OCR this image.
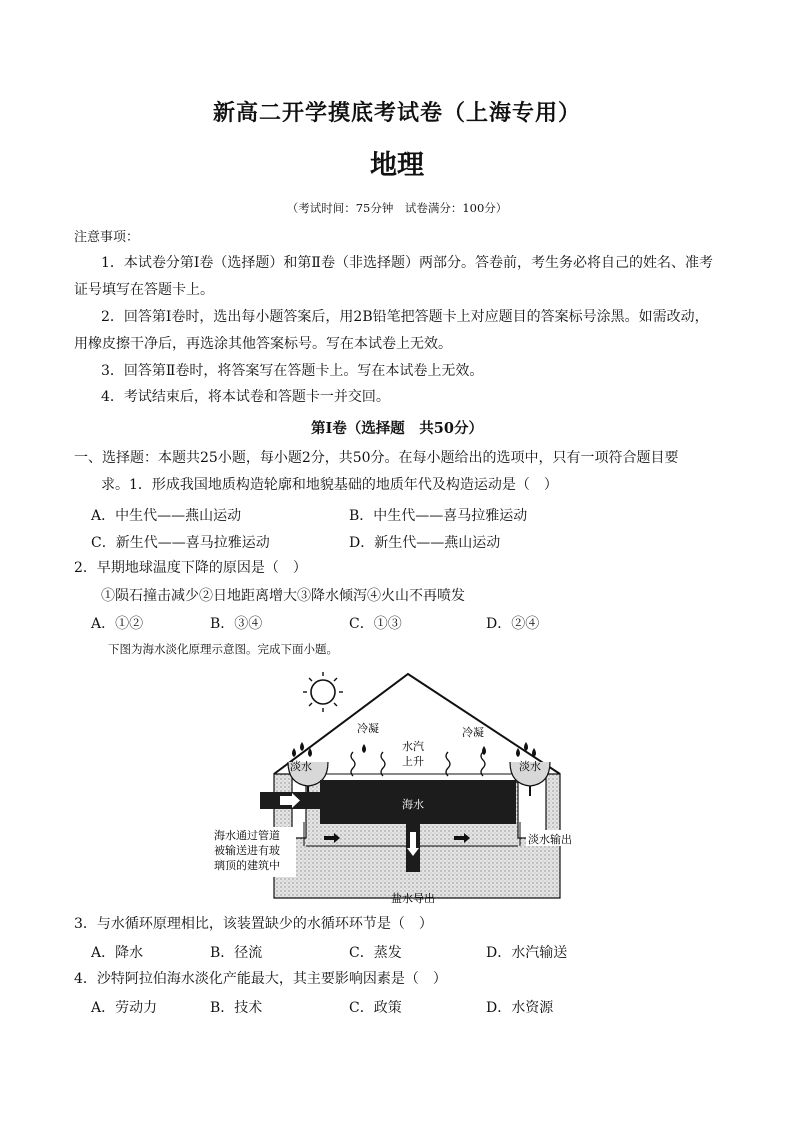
新高二开学摸底考试卷（上海专用）
地理
（考试时间：75分钟　试卷满分：100分）
注意事项：
1．本试卷分第Ⅰ卷（选择题）和第Ⅱ卷（非选择题）两部分。答卷前，考生务必将自己的姓名、准考
证号填写在答题卡上。
2．回答第Ⅰ卷时，选出每小题答案后，用2B铅笔把答题卡上对应题目的答案标号涂黑。如需改动，
用橡皮擦干净后，再选涂其他答案标号。写在本试卷上无效。
3．回答第Ⅱ卷时，将答案写在答题卡上。写在本试卷上无效。
4．考试结束后，将本试卷和答题卡一并交回。
第Ⅰ卷（选择题　共50分）
一、选择题：本题共25小题，每小题2分，共50分。在每小题给出的选项中，只有一项符合题目要
求。1．形成我国地质构造轮廓和地貌基础的地质年代及构造运动是（　）
A．中生代——燕山运动	B．中生代——喜马拉雅运动
C．新生代——喜马拉雅运动	D．新生代——燕山运动
2．早期地球温度下降的原因是（　）
①陨石撞击减少②日地距离增大③降水倾泻④火山不再喷发
A．①②	B．③④	C．①③	D．②④
下图为海水淡化原理示意图。完成下面小题。
海水
冷凝	冷凝
水汽
上升
淡水	淡水
海水通过管道
被输送进有玻
璃顶的建筑中
淡水输出
盐水导出
3．与水循环原理相比，该装置缺少的水循环环节是（　）
A．降水	B．径流	C．蒸发	D．水汽输送
4．沙特阿拉伯海水淡化产能最大，其主要影响因素是（　）
A．劳动力	B．技术	C．政策	D．水资源
